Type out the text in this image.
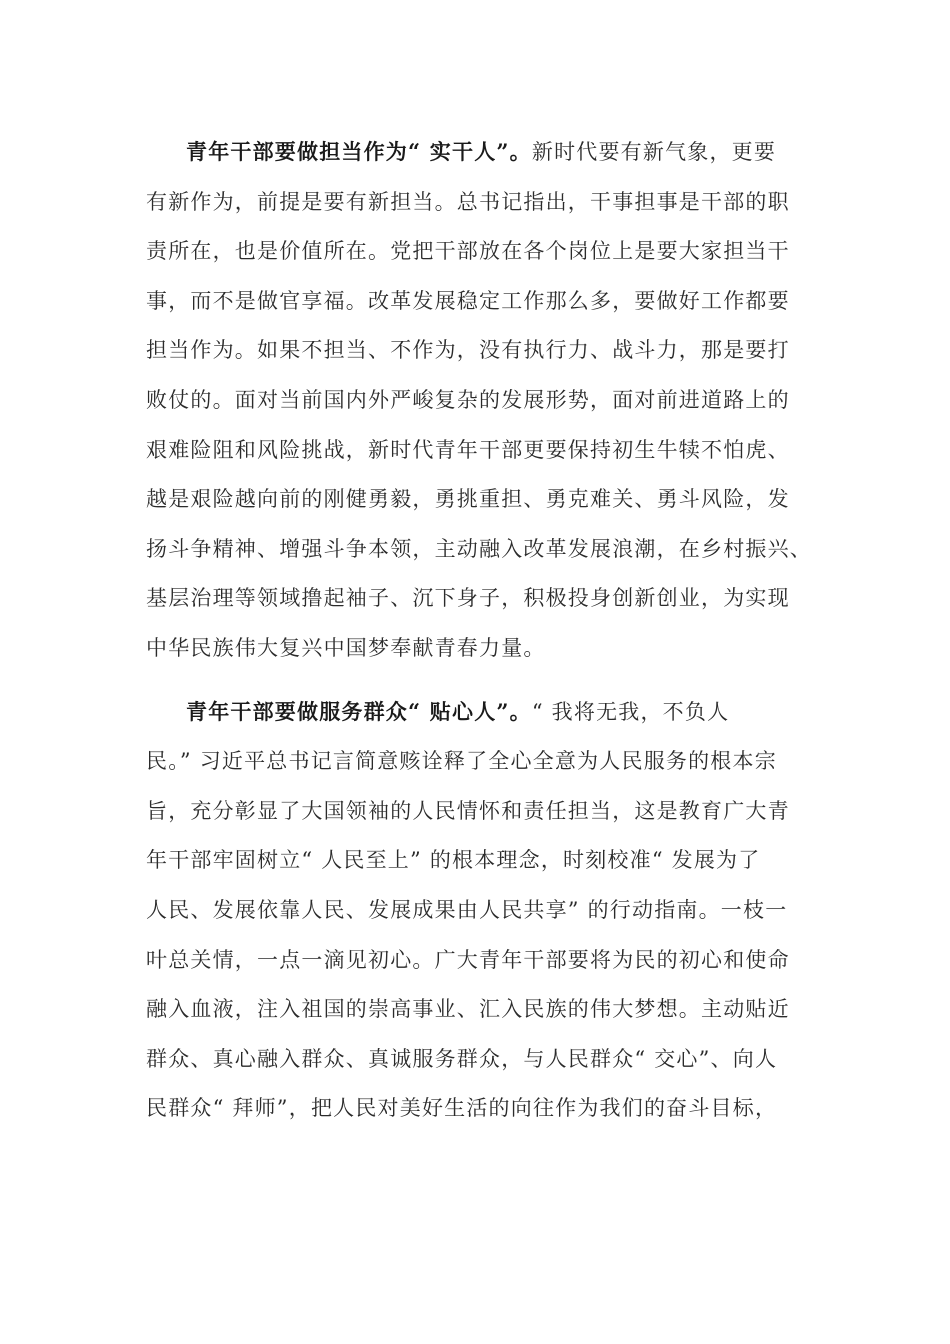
青年干部要做担当作为“ 实干人”。新时代要有新气象，更要
有新作为，前提是要有新担当。总书记指出，干事担事是干部的职
责所在，也是价值所在。党把干部放在各个岗位上是要大家担当干
事，而不是做官享福。改革发展稳定工作那么多，要做好工作都要
担当作为。如果不担当、不作为，没有执行力、战斗力，那是要打
败仗的。面对当前国内外严峻复杂的发展形势，面对前进道路上的
艰难险阻和风险挑战，新时代青年干部更要保持初生牛犊不怕虎、
越是艰险越向前的刚健勇毅，勇挑重担、勇克难关、勇斗风险，发
扬斗争精神、增强斗争本领，主动融入改革发展浪潮，在乡村振兴、
基层治理等领域撸起袖子、沉下身子，积极投身创新创业，为实现
中华民族伟大复兴中国梦奉献青春力量。
青年干部要做服务群众“ 贴心人”。“ 我将无我，不负人
民。” 习近平总书记言简意赅诠释了全心全意为人民服务的根本宗
旨，充分彰显了大国领袖的人民情怀和责任担当，这是教育广大青
年干部牢固树立“ 人民至上” 的根本理念，时刻校准“ 发展为了
人民、发展依靠人民、发展成果由人民共享” 的行动指南。一枝一
叶总关情，一点一滴见初心。广大青年干部要将为民的初心和使命
融入血液，注入祖国的崇高事业、汇入民族的伟大梦想。主动贴近
群众、真心融入群众、真诚服务群众，与人民群众“ 交心”、向人
民群众“ 拜师”，把人民对美好生活的向往作为我们的奋斗目标，
